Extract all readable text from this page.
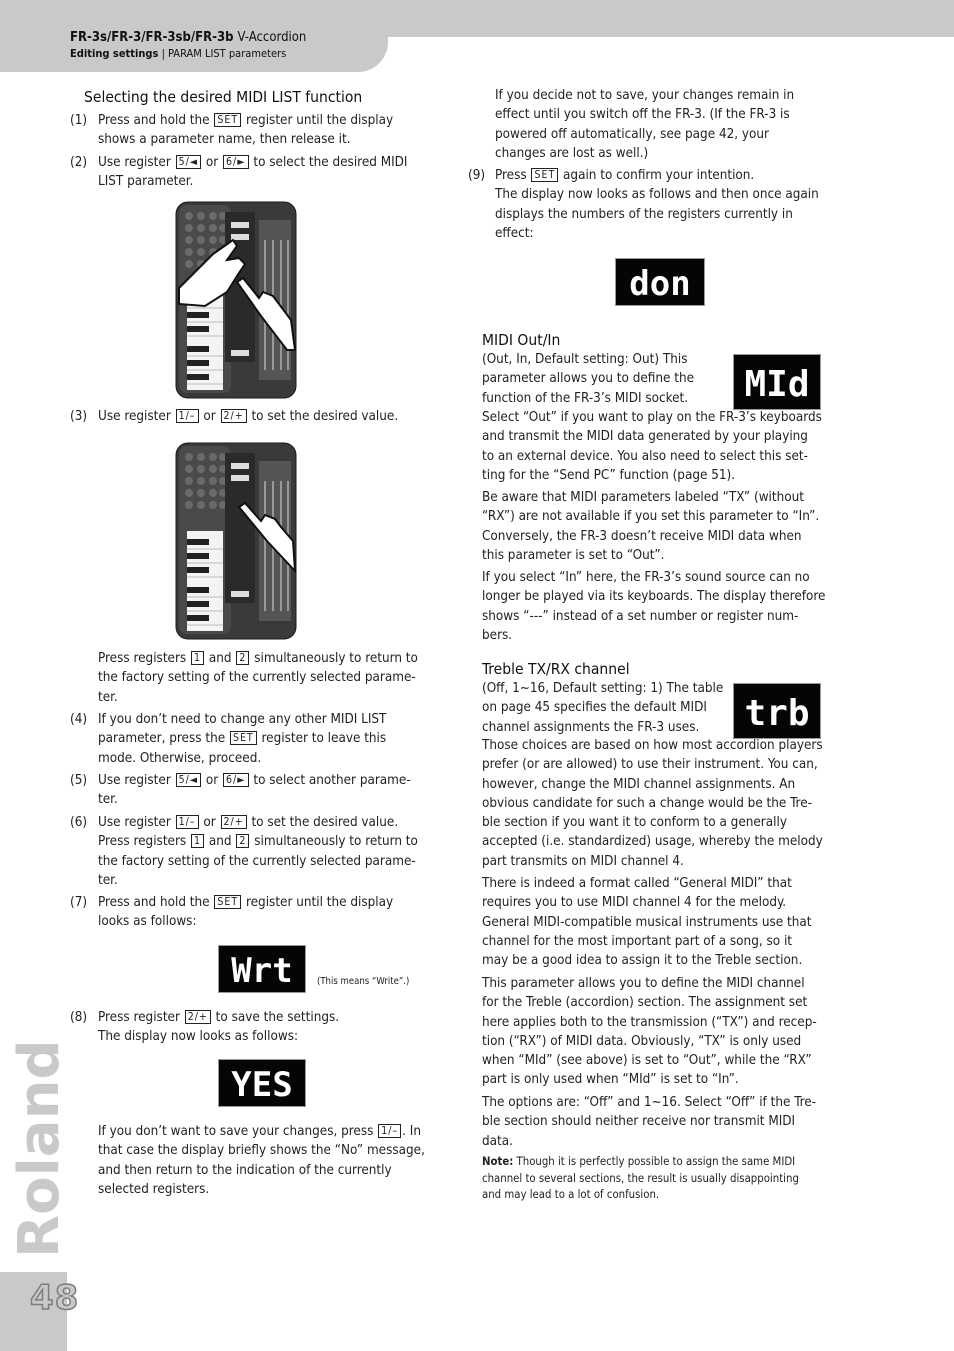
FR-3s/FR-3/FR-3sb/FR-3b V-Accordion
Editing settings | PARAM LIST parameters
Roland
48
Selecting the desired MIDI LIST function
(1) Press and hold the SET register until the display
shows a parameter name, then release it.
(2) Use register 5/◄ or 6/► to select the desired MIDI
LIST parameter.
(3) Use register 1/– or 2/+ to set the desired value.
Press registers 1 and 2 simultaneously to return to
the factory setting of the currently selected parame-
ter.
(4) If you don’t need to change any other MIDI LIST
parameter, press the SET register to leave this
mode. Otherwise, proceed.
(5) Use register 5/◄ or 6/► to select another parame-
ter.
(6) Use register 1/– or 2/+ to set the desired value.
Press registers 1 and 2 simultaneously to return to
the factory setting of the currently selected parame-
ter.
(7) Press and hold the SET register until the display
looks as follows:
Wrt	(This means “Write”.)
(8) Press register 2/+ to save the settings.
The display now looks as follows:
YES
If you don’t want to save your changes, press 1/– . In
that case the display briefly shows the “No” message,
and then return to the indication of the currently
selected registers.
If you decide not to save, your changes remain in
effect until you switch off the FR-3. (If the FR-3 is
powered off automatically, see page 42, your
changes are lost as well.)
(9) Press SET again to confirm your intention.
The display now looks as follows and then once again
displays the numbers of the registers currently in
effect:
don
MIDI Out/In
MId
(Out, In, Default setting: Out) This
parameter allows you to define the
function of the FR-3’s MIDI socket.
Select “Out” if you want to play on the FR-3’s keyboards
and transmit the MIDI data generated by your playing
to an external device. You also need to select this set-
ting for the “Send PC” function (page 51).
Be aware that MIDI parameters labeled “TX” (without
“RX”) are not available if you set this parameter to “In”.
Conversely, the FR-3 doesn’t receive MIDI data when
this parameter is set to “Out”.
If you select “In” here, the FR-3’s sound source can no
longer be played via its keyboards. The display therefore
shows “---” instead of a set number or register num-
bers.
Treble TX/RX channel
trb
(Off, 1~16, Default setting: 1) The table
on page 45 specifies the default MIDI
channel assignments the FR-3 uses.
Those choices are based on how most accordion players
prefer (or are allowed) to use their instrument. You can,
however, change the MIDI channel assignments. An
obvious candidate for such a change would be the Tre-
ble section if you want it to conform to a generally
accepted (i.e. standardized) usage, whereby the melody
part transmits on MIDI channel 4.
There is indeed a format called “General MIDI” that
requires you to use MIDI channel 4 for the melody.
General MIDI-compatible musical instruments use that
channel for the most important part of a song, so it
may be a good idea to assign it to the Treble section.
This parameter allows you to define the MIDI channel
for the Treble (accordion) section. The assignment set
here applies both to the transmission (“TX”) and recep-
tion (“RX”) of MIDI data. Obviously, “TX” is only used
when “MId” (see above) is set to “Out”, while the “RX”
part is only used when “MId” is set to “In”.
The options are: “Off” and 1~16. Select “Off” if the Tre-
ble section should neither receive nor transmit MIDI
data.
Note: Though it is perfectly possible to assign the same MIDI
channel to several sections, the result is usually disappointing
and may lead to a lot of confusion.
